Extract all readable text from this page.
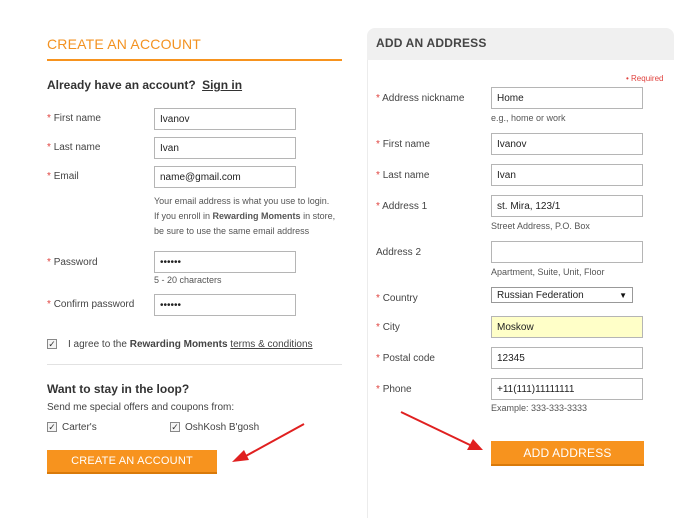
CREATE AN ACCOUNT
Already have an account? Sign in
* First name	Ivanov
* Last name	Ivan
* Email	name@gmail.com
Your email address is what you use to login.
If you enroll in Rewarding Moments in store,
be sure to use the same email address
* Password	••••••
5 - 20 characters
* Confirm password	••••••
✓ I agree to the Rewarding Moments terms & conditions
Want to stay in the loop?
Send me special offers and coupons from:
✓ Carter's	✓ OshKosh B'gosh
CREATE AN ACCOUNT
ADD AN ADDRESS
• Required
* Address nickname	Home
e.g., home or work
* First name	Ivanov
* Last name	Ivan
* Address 1	st. Mira, 123/1
Street Address, P.O. Box
Address 2
Apartment, Suite, Unit, Floor
* Country	Russian Federation	▼
* City	Moskow
* Postal code	12345
* Phone	+11(111)11111111
Example: 333-333-3333
ADD ADDRESS
